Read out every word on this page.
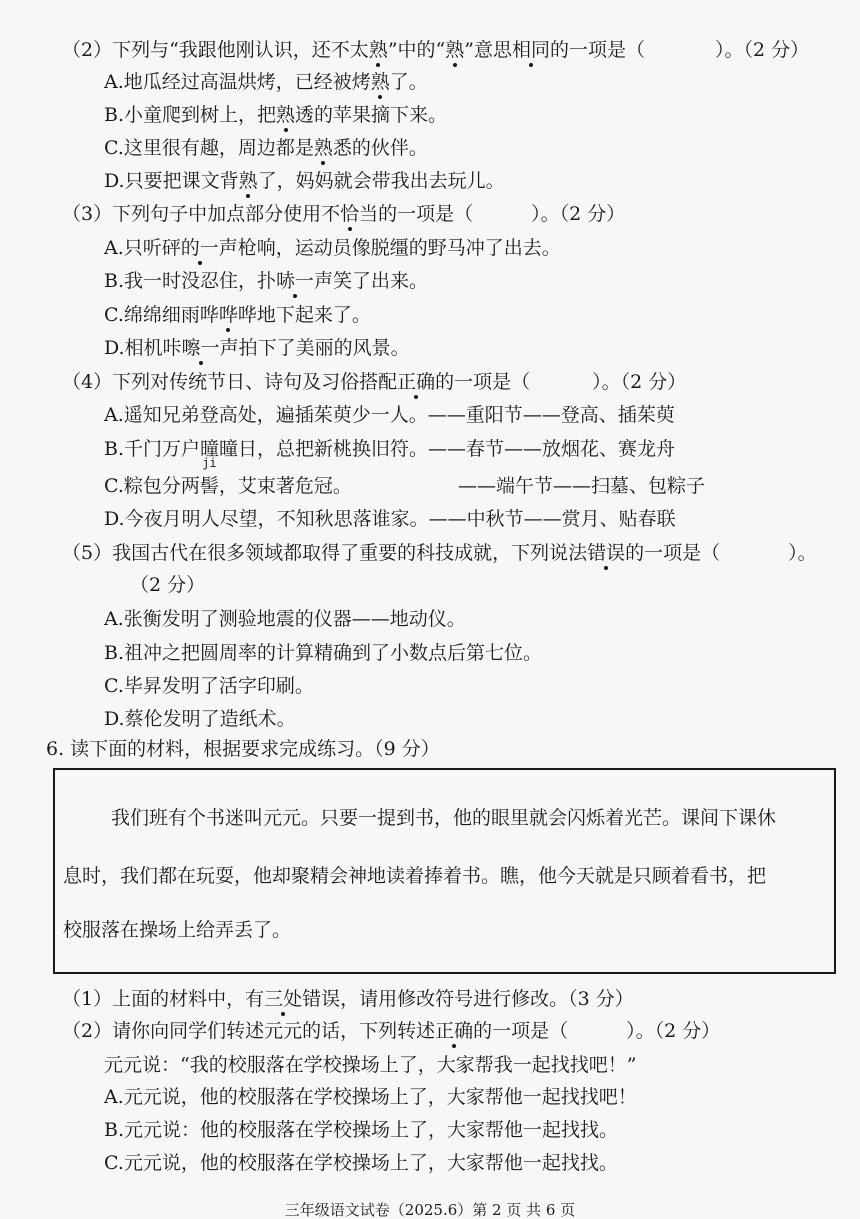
（2）下列与“我跟他刚认识，还不太熟”中的“熟”意思相同的一项是（	）。（2 分）
A.地瓜经过高温烘烤，已经被烤熟了。
B.小童爬到树上，把熟透的苹果摘下来。
C.这里很有趣，周边都是熟悉的伙伴。
D.只要把课文背熟了，妈妈就会带我出去玩儿。
（3）下列句子中加点部分使用不恰当的一项是（	）。（2 分）
A.只听砰的一声枪响，运动员像脱缰的野马冲了出去。
B.我一时没忍住，扑哧一声笑了出来。
C.绵绵细雨哗哗哗地下起来了。
D.相机咔嚓一声拍下了美丽的风景。
（4）下列对传统节日、诗句及习俗搭配正确的一项是（	）。（2 分）
A.遥知兄弟登高处，遍插茱萸少一人。——重阳节——登高、插茱萸
B.千门万户曈曈日，总把新桃换旧符。——春节——放烟花、赛龙舟
C.粽包分两
ji
髻，艾束著危冠。	——端午节——扫墓、包粽子
D.今夜月明人尽望，不知秋思落谁家。——中秋节——赏月、贴春联
（5）我国古代在很多领域都取得了重要的科技成就，下列说法错误的一项是（	）。
（2 分）
A.张衡发明了测验地震的仪器——地动仪。
B.祖冲之把圆周率的计算精确到了小数点后第七位。
C.毕昇发明了活字印刷。
D.蔡伦发明了造纸术。
6. 读下面的材料，根据要求完成练习。（9 分）
我们班有个书迷叫元元。只要一提到书，他的眼里就会闪烁着光芒。课间下课休
息时，我们都在玩耍，他却聚精会神地读着捧着书。瞧，他今天就是只顾着看书，把
校服落在操场上给弄丢了。
（1）上面的材料中，有三处错误，请用修改符号进行修改。（3 分）
（2）请你向同学们转述元元的话，下列转述正确的一项是（	）。（2 分）
元元说：“我的校服落在学校操场上了，大家帮我一起找找吧！”
A.元元说，他的校服落在学校操场上了，大家帮他一起找找吧！
B.元元说：他的校服落在学校操场上了，大家帮他一起找找。
C.元元说，他的校服落在学校操场上了，大家帮他一起找找。
三年级语文试卷（2025.6）第 2 页 共 6 页
